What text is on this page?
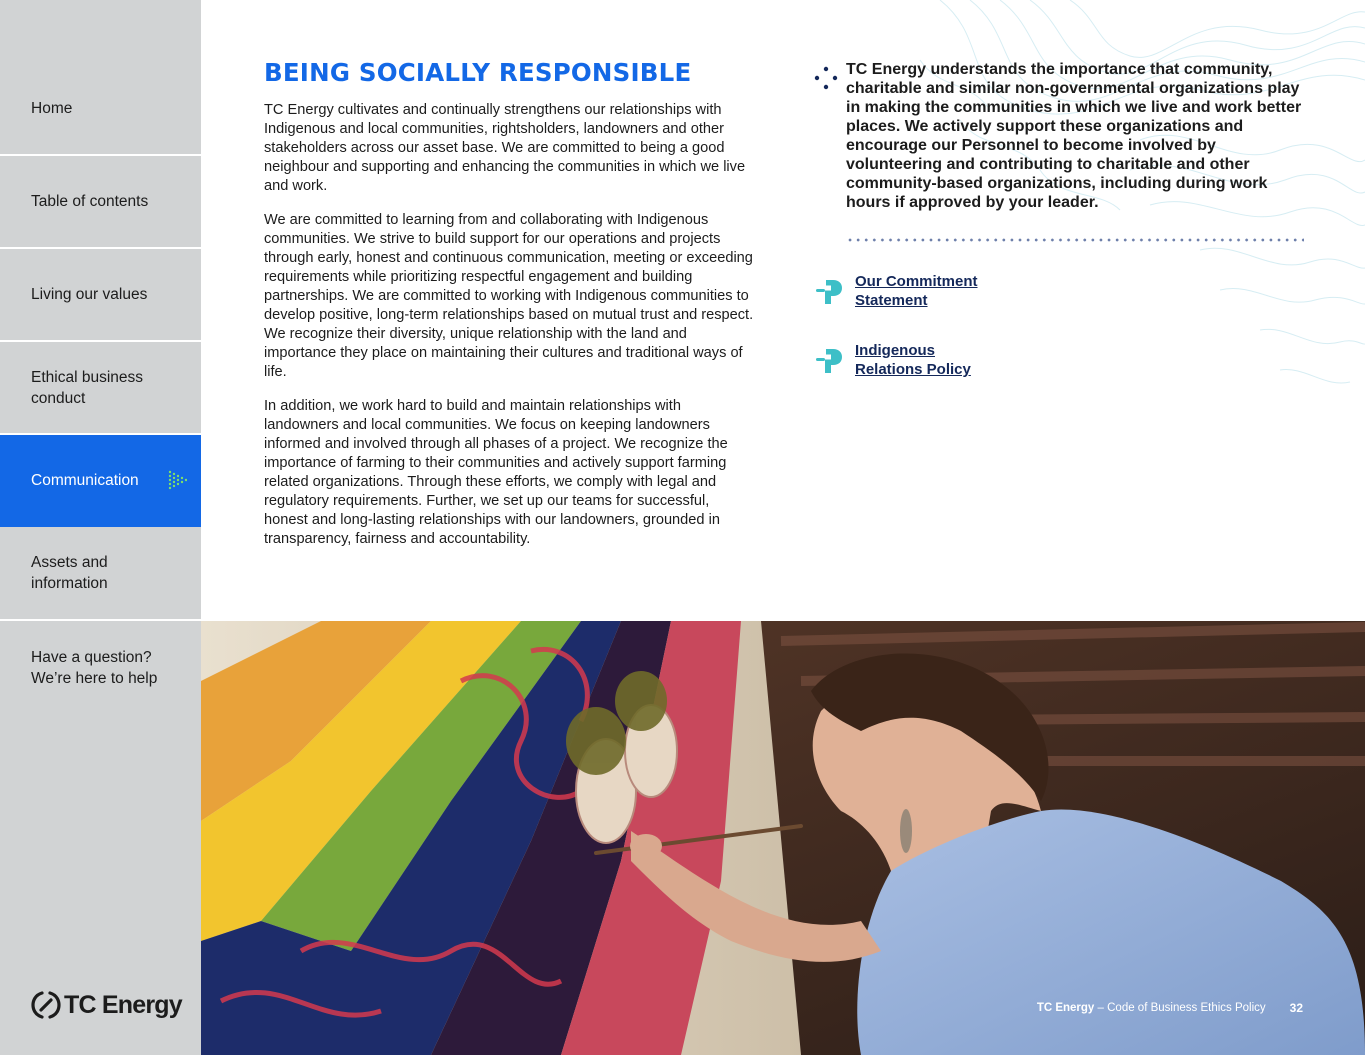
Home
Table of contents
Living our values
Ethical business conduct
Communication
Assets and information
Have a question? We’re here to help
TC Energy
BEING SOCIALLY RESPONSIBLE

TC Energy cultivates and continually strengthens our relationships with Indigenous and local communities, rightsholders, landowners and other stakeholders across our asset base. We are committed to being a good neighbour and supporting and enhancing the communities in which we live and work.

We are committed to learning from and collaborating with Indigenous communities. We strive to build support for our operations and projects through early, honest and continuous communication, meeting or exceeding requirements while prioritizing respectful engagement and building partnerships. We are committed to working with Indigenous communities to develop positive, long-term relationships based on mutual trust and respect. We recognize their diversity, unique relationship with the land and importance they place on maintaining their cultures and traditional ways of life.

In addition, we work hard to build and maintain relationships with landowners and local communities. We focus on keeping landowners informed and involved through all phases of a project. We recognize the importance of farming to their communities and actively support farming related organizations. Through these efforts, we comply with legal and regulatory requirements. Further, we set up our teams for successful, honest and long-lasting relationships with our landowners, grounded in transparency, fairness and accountability.

TC Energy understands the importance that community, charitable and similar non-governmental organizations play in making the communities in which we live and work better places. We actively support these organizations and encourage our Personnel to become involved by volunteering and contributing to charitable and other community-based organizations, including during work hours if approved by your leader.

Our Commitment
Statement
Indigenous
Relations Policy
TC Energy – Code of Business Ethics Policy 32
